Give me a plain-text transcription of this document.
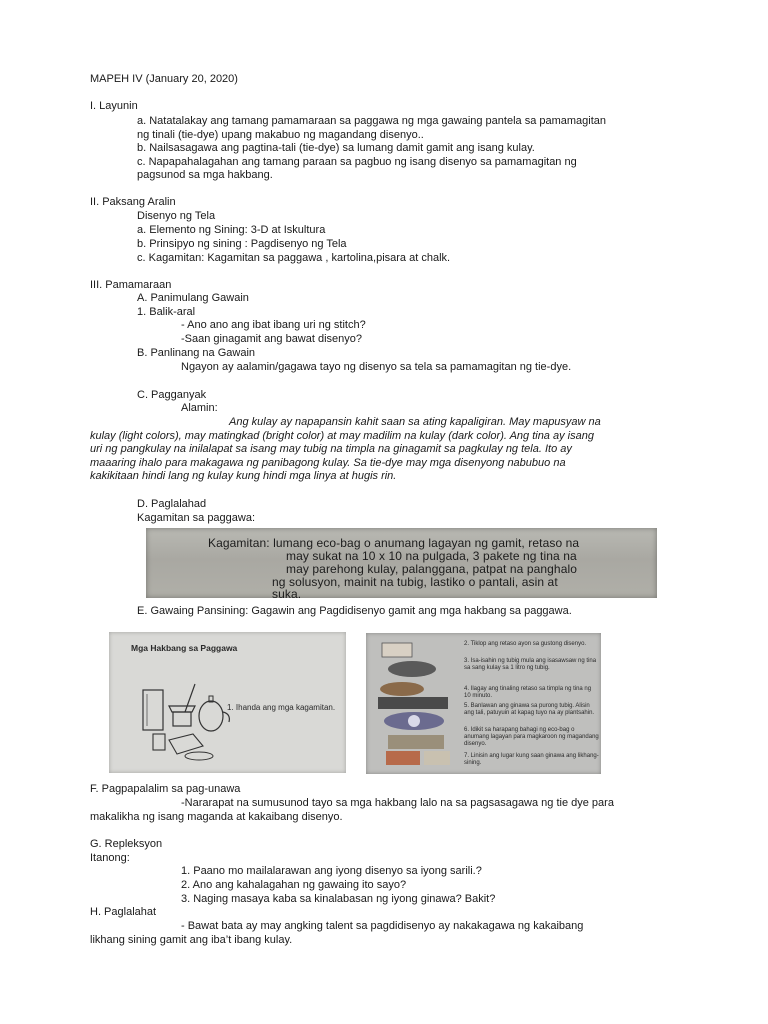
MAPEH IV (January 20, 2020)
I. Layunin
a. Natatalakay ang tamang pamamaraan sa paggawa ng mga gawaing pantela sa pamamagitan
ng tinali (tie-dye) upang makabuo ng magandang disenyo..
b. Nailsasagawa ang pagtina-tali (tie-dye) sa lumang damit gamit ang isang kulay.
c. Napapahalagahan ang tamang paraan sa pagbuo ng isang disenyo sa pamamagitan ng
pagsunod sa mga hakbang.
II. Paksang Aralin
Disenyo ng Tela
a. Elemento ng Sining: 3-D at Iskultura
b. Prinsipyo ng sining : Pagdisenyo ng Tela
c. Kagamitan: Kagamitan sa paggawa , kartolina,pisara at chalk.
III. Pamamaraan
A. Panimulang Gawain
1. Balik-aral
- Ano ano ang ibat ibang uri ng stitch?
-Saan ginagamit ang bawat disenyo?
B. Panlinang na Gawain
Ngayon ay aalamin/gagawa tayo ng disenyo sa tela sa pamamagitan ng tie-dye.
C. Pagganyak
Alamin:
Ang kulay ay napapansin kahit saan sa ating kapaligiran. May mapusyaw na
kulay (light colors), may matingkad (bright color) at may madilim na kulay (dark color). Ang tina ay isang
uri ng pangkulay na inilalapat sa isang may tubig na timpla na ginagamit sa pagkulay ng tela. Ito ay
maaaring ihalo para makagawa ng panibagong kulay. Sa tie-dye may mga disenyong nabubuo na
kakikitaan hindi lang ng kulay kung hindi mga linya at hugis rin.
D. Paglalahad
Kagamitan sa paggawa:
Kagamitan: lumang eco-bag o anumang lagayan ng gamit, retaso na
may sukat na 10 x 10 na pulgada, 3 pakete ng tina na
may parehong kulay, palanggana, patpat na panghalo
ng solusyon, mainit na tubig, lastiko o pantali, asin at
suka.
E. Gawaing Pansining: Gagawin ang Pagdidisenyo gamit ang mga hakbang sa paggawa.
Mga Hakbang sa Paggawa
1. Ihanda ang mga kagamitan.
2. Tiklop ang retaso ayon sa gustong disenyo.
3. Isa-isahin ng tubig mula ang isasawsaw ng tina sa sang kulay sa 1 litro ng tubig.
4. Ilagay ang tinaling retaso sa timpla ng tina ng 10 minuto.
5. Banlawan ang ginawa sa purong tubig. Alisin ang tali, patuyuin at kapag tuyo na ay plantsahin.
6. Idikit sa harapang bahagi ng eco-bag o anumang lagayan para magkaroon ng magandang disenyo.
7. Linisin ang lugar kung saan ginawa ang likhang-sining.
F. Pagpapalalim sa pag-unawa
-Nararapat na sumusunod tayo sa mga hakbang lalo na sa pagsasagawa ng tie dye para
makalikha ng isang maganda at kakaibang disenyo.
G. Repleksyon
Itanong:
1. Paano mo mailalarawan ang iyong disenyo sa iyong sarili.?
2. Ano ang kahalagahan ng gawaing ito sayo?
3. Naging masaya kaba sa kinalabasan ng iyong ginawa? Bakit?
H. Paglalahat
- Bawat bata ay may angking talent sa pagdidisenyo ay nakakagawa ng kakaibang
likhang sining gamit ang iba’t ibang kulay.
